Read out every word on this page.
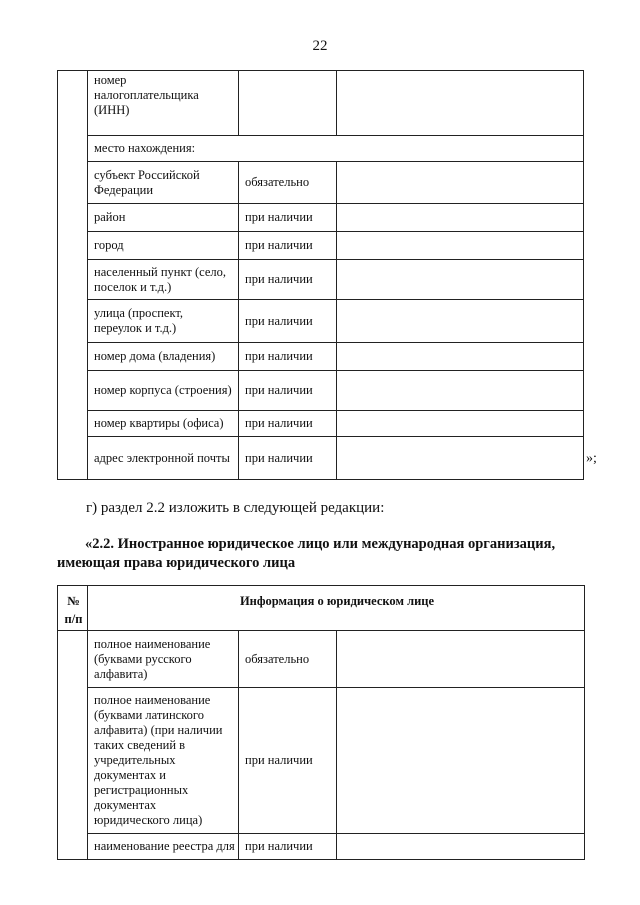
22
	номер налогоплательщика (ИНН)		
	место нахождения:		
	субъект Российской Федерации	обязательно	
	район	при наличии	
	город	при наличии	
	населенный пункт (село, поселок и т.д.)	при наличии	
	улица (проспект, переулок и т.д.)	при наличии	
	номер дома (владения)	при наличии	
	номер корпуса (строения)	при наличии	
	номер квартиры (офиса)	при наличии	
	адрес электронной почты	при наличии		»;
г) раздел 2.2 изложить в следующей редакции:
«2.2. Иностранное юридическое лицо или международная организация, имеющая права юридического лица
№
п/п	Информация о юридическом лице		
	полное наименование (буквами русского алфавита)	обязательно	
	полное наименование (буквами латинского алфавита) (при наличии таких сведений в учредительных документах и регистрационных документах юридического лица)	при наличии	
	наименование реестра для	при наличии	
